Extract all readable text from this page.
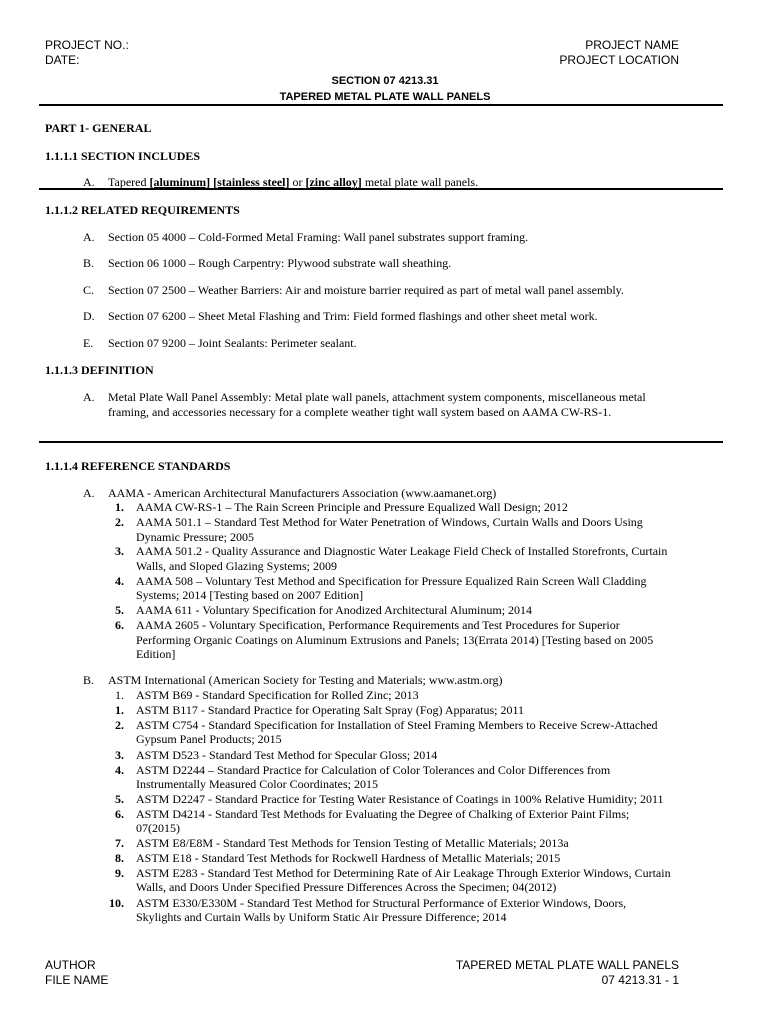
PROJECT NO.:
DATE:
PROJECT NAME
PROJECT LOCATION
SECTION 07 4213.31
TAPERED METAL PLATE WALL PANELS
PART 1- GENERAL
1.1.1.1 SECTION INCLUDES
A. Tapered [aluminum] [stainless steel] or [zinc alloy] metal plate wall panels.
1.1.1.2 RELATED REQUIREMENTS
A. Section 05 4000 – Cold-Formed Metal Framing: Wall panel substrates support framing.
B. Section 06 1000 – Rough Carpentry: Plywood substrate wall sheathing.
C. Section 07 2500 – Weather Barriers: Air and moisture barrier required as part of metal wall panel assembly.
D. Section 07 6200 – Sheet Metal Flashing and Trim: Field formed flashings and other sheet metal work.
E. Section 07 9200 – Joint Sealants: Perimeter sealant.
1.1.1.3 DEFINITION
A. Metal Plate Wall Panel Assembly: Metal plate wall panels, attachment system components, miscellaneous metal
framing, and accessories necessary for a complete weather tight wall system based on AAMA CW-RS-1.
1.1.1.4 REFERENCE STANDARDS
A. AAMA - American Architectural Manufacturers Association (www.aamanet.org)
1. AAMA CW-RS-1 – The Rain Screen Principle and Pressure Equalized Wall Design; 2012
2. AAMA 501.1 – Standard Test Method for Water Penetration of Windows, Curtain Walls and Doors Using
Dynamic Pressure; 2005
3. AAMA 501.2 - Quality Assurance and Diagnostic Water Leakage Field Check of Installed Storefronts, Curtain
Walls, and Sloped Glazing Systems; 2009
4. AAMA 508 – Voluntary Test Method and Specification for Pressure Equalized Rain Screen Wall Cladding
Systems; 2014 [Testing based on 2007 Edition]
5. AAMA 611 - Voluntary Specification for Anodized Architectural Aluminum; 2014
6. AAMA 2605 - Voluntary Specification, Performance Requirements and Test Procedures for Superior
Performing Organic Coatings on Aluminum Extrusions and Panels; 13(Errata 2014) [Testing based on 2005
Edition]
B. ASTM International (American Society for Testing and Materials; www.astm.org)
1. ASTM B69 - Standard Specification for Rolled Zinc; 2013
1. ASTM B117 - Standard Practice for Operating Salt Spray (Fog) Apparatus; 2011
2. ASTM C754 - Standard Specification for Installation of Steel Framing Members to Receive Screw-Attached
Gypsum Panel Products; 2015
3. ASTM D523 - Standard Test Method for Specular Gloss; 2014
4. ASTM D2244 – Standard Practice for Calculation of Color Tolerances and Color Differences from
Instrumentally Measured Color Coordinates; 2015
5. ASTM D2247 - Standard Practice for Testing Water Resistance of Coatings in 100% Relative Humidity; 2011
6. ASTM D4214 - Standard Test Methods for Evaluating the Degree of Chalking of Exterior Paint Films;
07(2015)
7. ASTM E8/E8M - Standard Test Methods for Tension Testing of Metallic Materials; 2013a
8. ASTM E18 - Standard Test Methods for Rockwell Hardness of Metallic Materials; 2015
9. ASTM E283 - Standard Test Method for Determining Rate of Air Leakage Through Exterior Windows, Curtain
Walls, and Doors Under Specified Pressure Differences Across the Specimen; 04(2012)
10. ASTM E330/E330M - Standard Test Method for Structural Performance of Exterior Windows, Doors,
Skylights and Curtain Walls by Uniform Static Air Pressure Difference; 2014
AUTHOR
FILE NAME
TAPERED METAL PLATE WALL PANELS
07 4213.31 - 1
